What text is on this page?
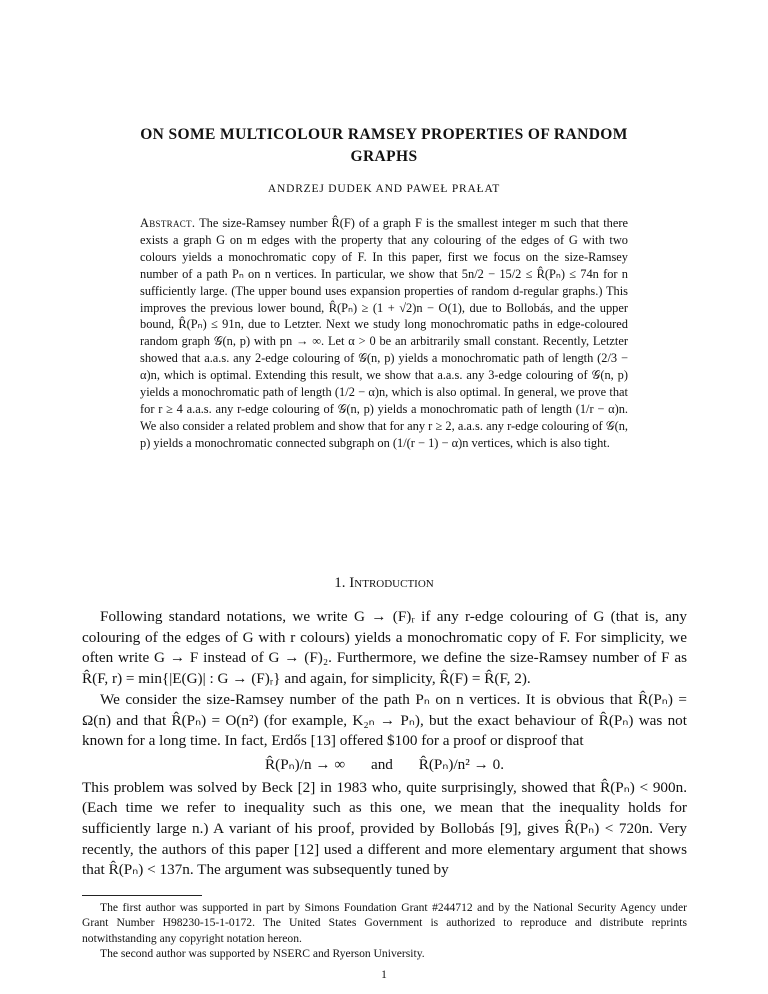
ON SOME MULTICOLOUR RAMSEY PROPERTIES OF RANDOM GRAPHS
ANDRZEJ DUDEK AND PAWEŁ PRAŁAT
Abstract. The size-Ramsey number R̂(F) of a graph F is the smallest integer m such that there exists a graph G on m edges with the property that any colouring of the edges of G with two colours yields a monochromatic copy of F. In this paper, first we focus on the size-Ramsey number of a path Pₙ on n vertices. In particular, we show that 5n/2 − 15/2 ≤ R̂(Pₙ) ≤ 74n for n sufficiently large. (The upper bound uses expansion properties of random d-regular graphs.) This improves the previous lower bound, R̂(Pₙ) ≥ (1 + √2)n − O(1), due to Bollobás, and the upper bound, R̂(Pₙ) ≤ 91n, due to Letzter. Next we study long monochromatic paths in edge-coloured random graph 𝒢(n, p) with pn → ∞. Let α > 0 be an arbitrarily small constant. Recently, Letzter showed that a.a.s. any 2-edge colouring of 𝒢(n, p) yields a monochromatic path of length (2/3 − α)n, which is optimal. Extending this result, we show that a.a.s. any 3-edge colouring of 𝒢(n, p) yields a monochromatic path of length (1/2 − α)n, which is also optimal. In general, we prove that for r ≥ 4 a.a.s. any r-edge colouring of 𝒢(n, p) yields a monochromatic path of length (1/r − α)n. We also consider a related problem and show that for any r ≥ 2, a.a.s. any r-edge colouring of 𝒢(n, p) yields a monochromatic connected subgraph on (1/(r − 1) − α)n vertices, which is also tight.
1. Introduction

Following standard notations, we write G → (F)ᵣ if any r-edge colouring of G (that is, any colouring of the edges of G with r colours) yields a monochromatic copy of F. For simplicity, we often write G → F instead of G → (F)₂. Furthermore, we define the size-Ramsey number of F as R̂(F, r) = min{|E(G)| : G → (F)ᵣ} and again, for simplicity, R̂(F) = R̂(F, 2).

We consider the size-Ramsey number of the path Pₙ on n vertices. It is obvious that R̂(Pₙ) = Ω(n) and that R̂(Pₙ) = O(n²) (for example, K₂ₙ → Pₙ), but the exact behaviour of R̂(Pₙ) was not known for a long time. In fact, Erdős [13] offered $100 for a proof or disproof that

R̂(Pₙ)/n → ∞ and R̂(Pₙ)/n² → 0.

This problem was solved by Beck [2] in 1983 who, quite surprisingly, showed that R̂(Pₙ) < 900n. (Each time we refer to inequality such as this one, we mean that the inequality holds for sufficiently large n.) A variant of his proof, provided by Bollobás [9], gives R̂(Pₙ) < 720n. Very recently, the authors of this paper [12] used a different and more elementary argument that shows that R̂(Pₙ) < 137n. The argument was subsequently tuned by

The first author was supported in part by Simons Foundation Grant #244712 and by the National Security Agency under Grant Number H98230-15-1-0172. The United States Government is authorized to reproduce and distribute reprints notwithstanding any copyright notation hereon.

The second author was supported by NSERC and Ryerson University.

1
